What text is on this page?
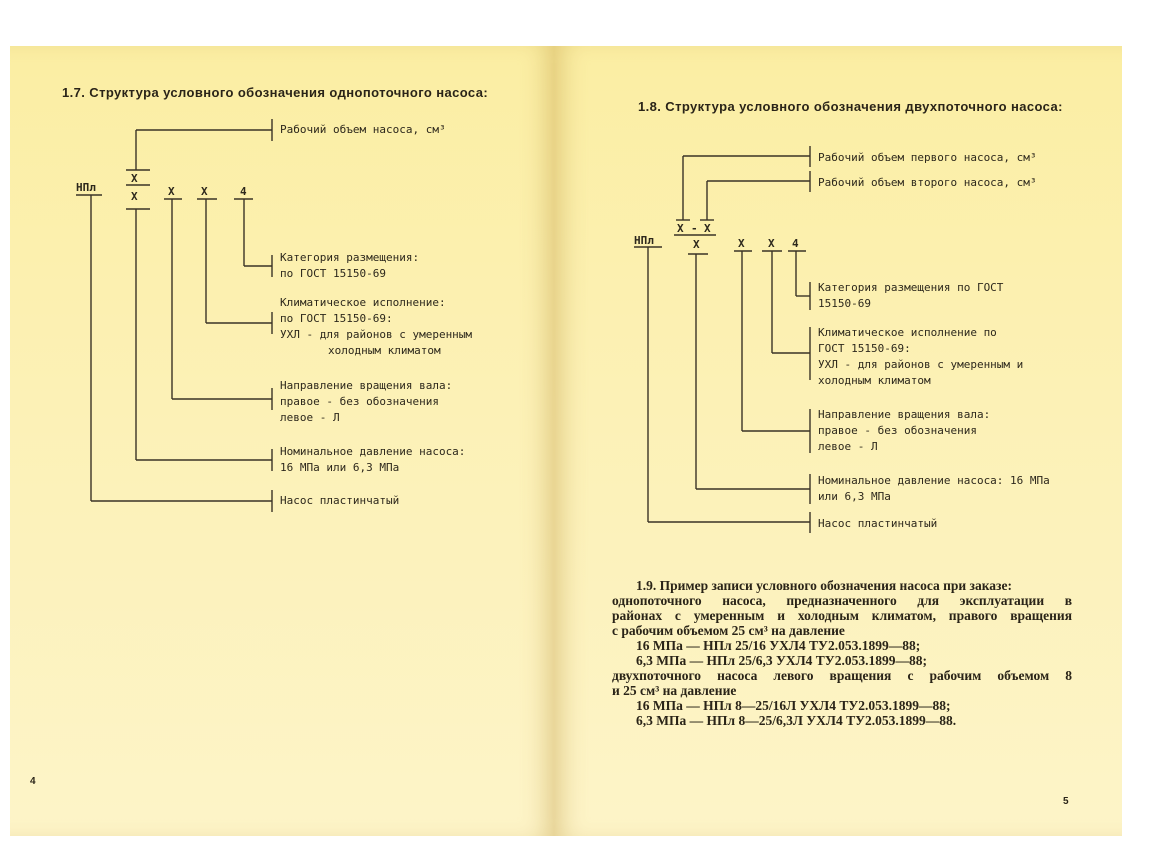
1.7. Структура условного обозначения однопоточного насоса:
1.8. Структура условного обозначения двухпоточного насоса:
НПл
X
X	X X	4
Рабочий объем насоса, см³
Категория размещения:
по ГОСТ 15150-69
Климатическое исполнение:
по ГОСТ 15150-69:
УХЛ - для районов с умеренным
холодным климатом
Направление вращения вала:
правое - без обозначения
левое - Л
Номинальное давление насоса:
16 МПа или 6,3 МПа
Насос пластинчатый
НПл
X - X
X	X X 4
Рабочий объем первого насоса, см³
Рабочий объем второго насоса, см³
Категория размещения по ГОСТ
15150-69
Климатическое исполнение по
ГОСТ 15150-69:
УХЛ - для районов с умеренным и
холодным климатом
Направление вращения вала:
правое - без обозначения
левое - Л
Номинальное давление насоса: 16 МПа
или 6,3 МПа
Насос пластинчатый
1.9. Пример записи условного обозначения насоса при заказе:
однопоточного насоса, предназначенного для эксплуатации в
районах с умеренным и холодным климатом, правого вращения
с рабочим объемом 25 см³ на давление
16 МПа — НПл 25/16 УХЛ4 ТУ2.053.1899—88;
6,3 МПа — НПл 25/6,3 УХЛ4 ТУ2.053.1899—88;
двухпоточного насоса левого вращения с рабочим объемом 8
и 25 см³ на давление
16 МПа — НПл 8—25/16Л УХЛ4 ТУ2.053.1899—88;
6,3 МПа — НПл 8—25/6,3Л УХЛ4 ТУ2.053.1899—88.
4
5
